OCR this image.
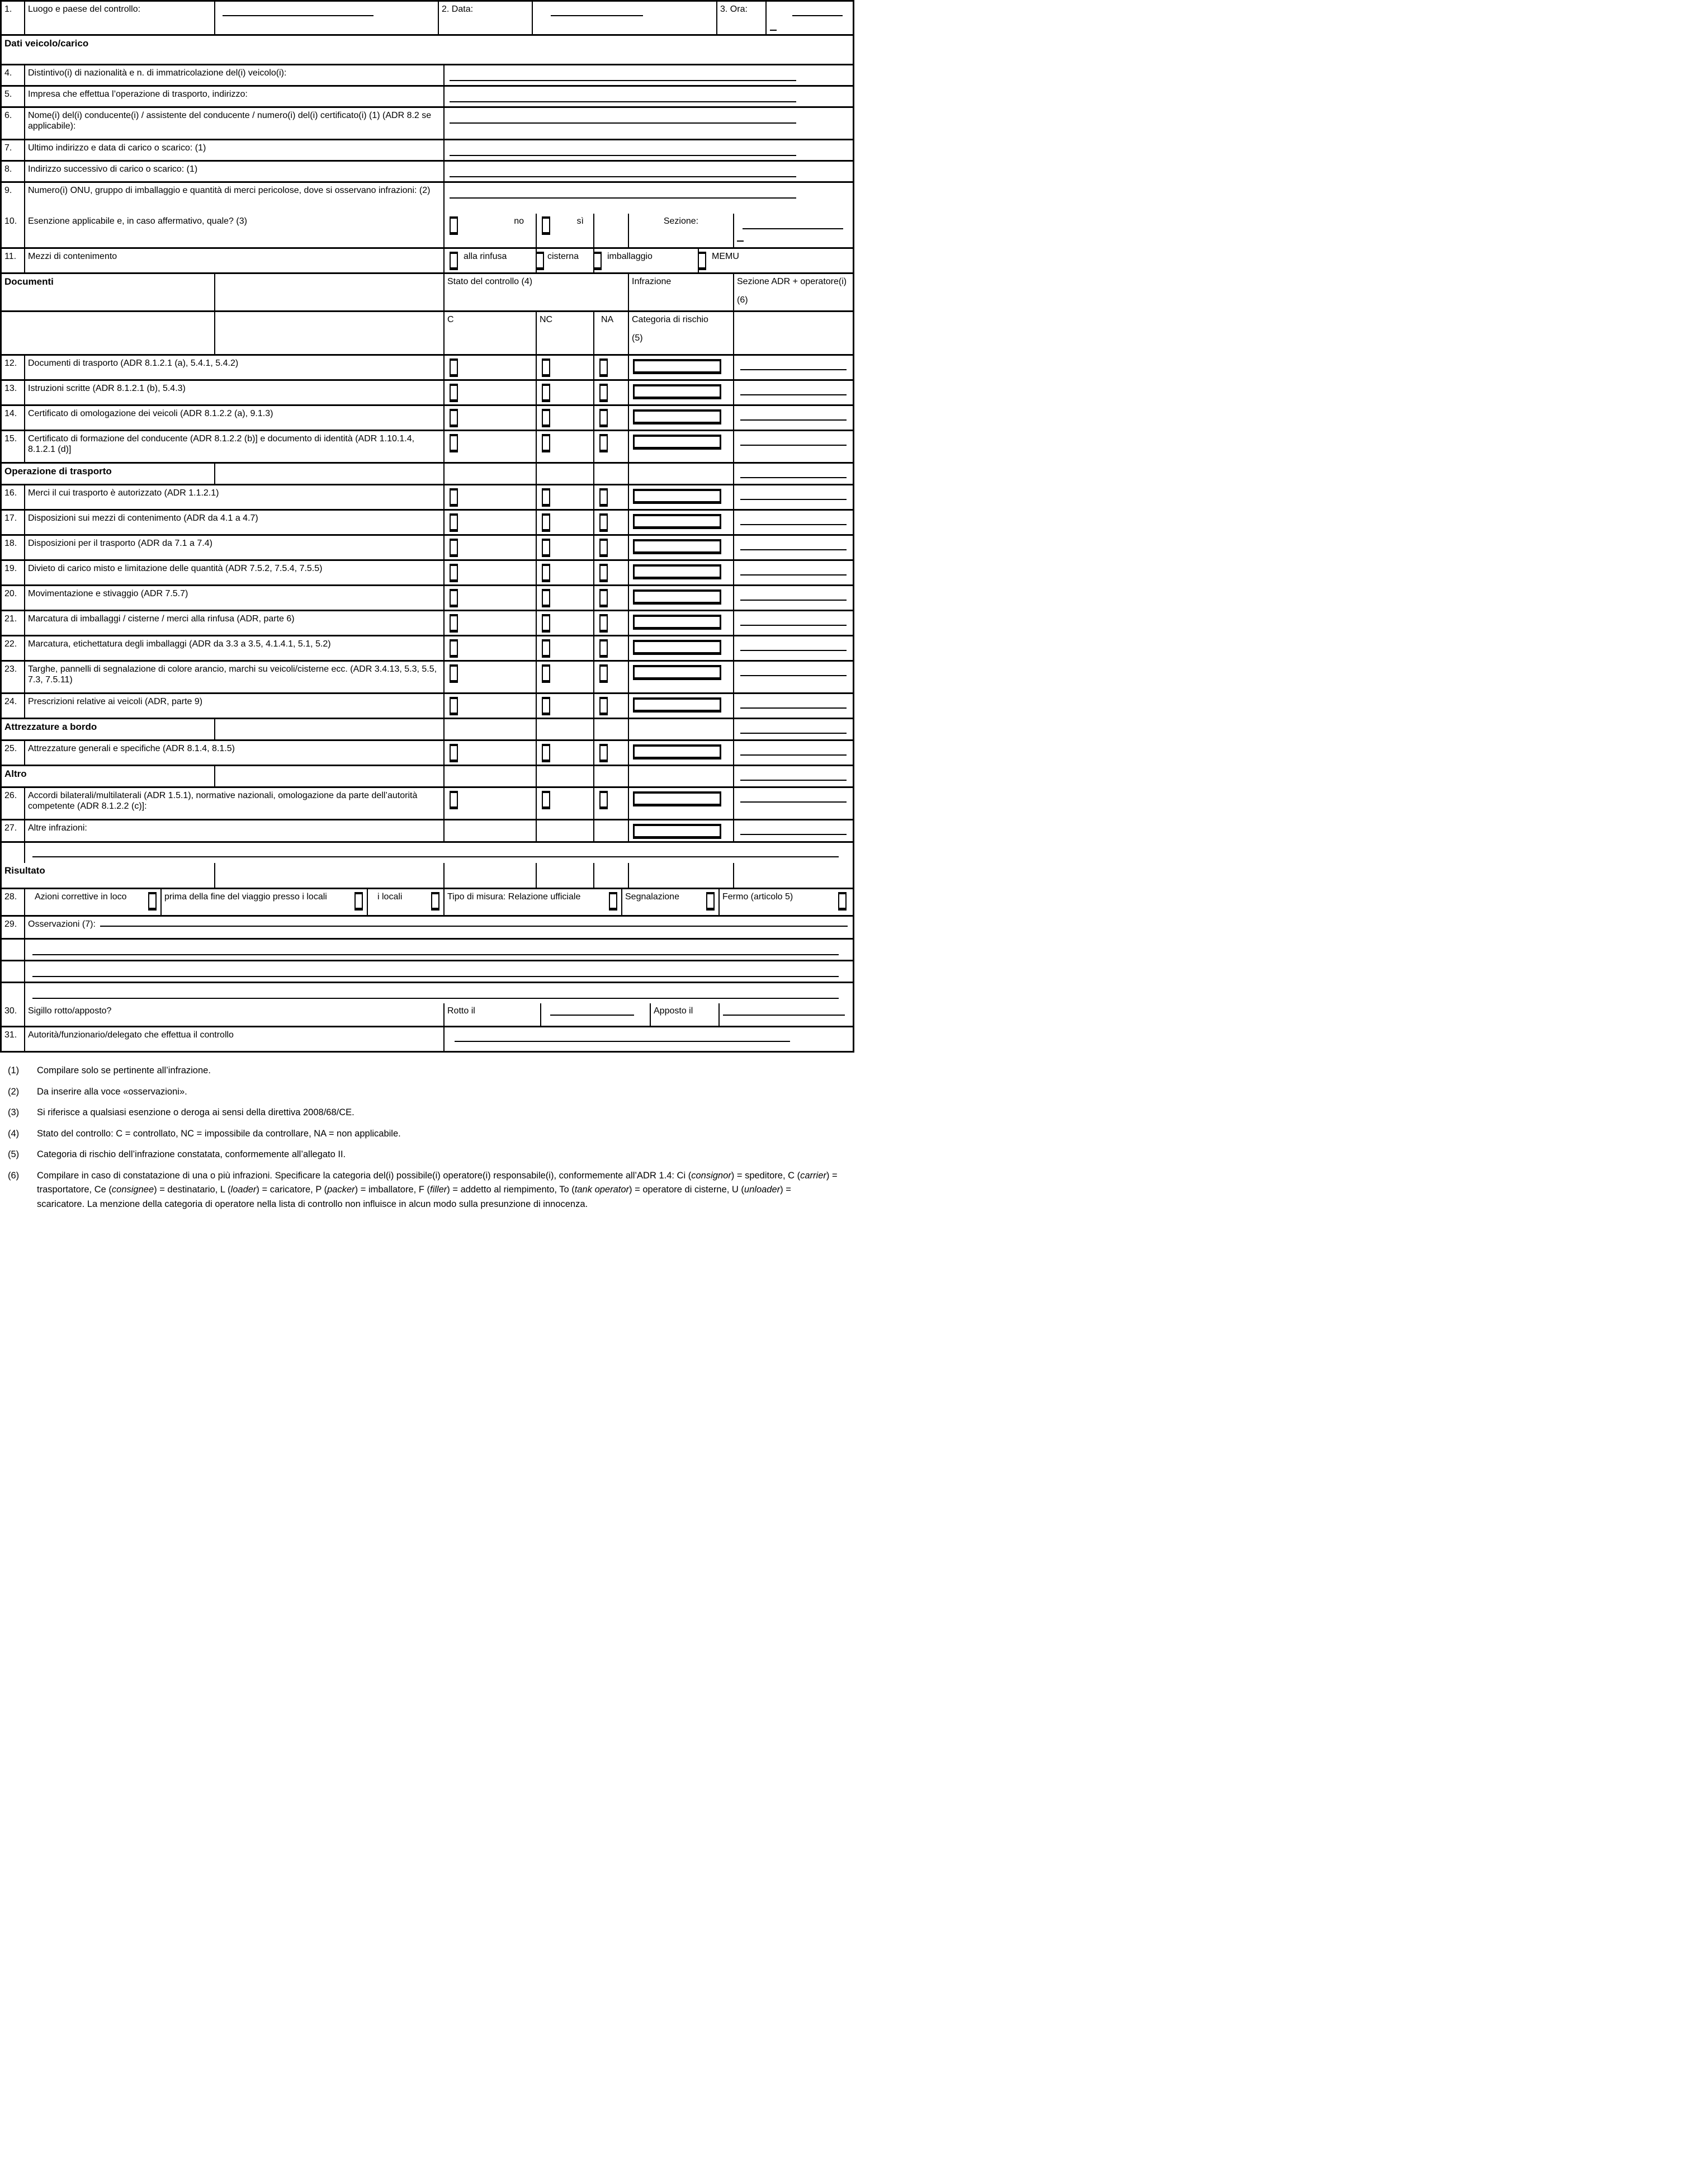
1.	Luogo e paese del controllo:	2. Data:	3. Ora:
Dati veicolo/carico
4.	Distintivo(i) di nazionalità e n. di immatricolazione del(i) veicolo(i):
5.	Impresa che effettua l’operazione di trasporto, indirizzo:
6.	Nome(i) del(i) conducente(i) / assistente del conducente / numero(i) del(i) certificato(i) (1) (ADR 8.2 se applicabile):
7.	Ultimo indirizzo e data di carico o scarico: (1)
8.	Indirizzo successivo di carico o scarico: (1)
9.	Numero(i) ONU, gruppo di imballaggio e quantità di merci pericolose, dove si osservano infrazioni: (2)
10.	Esenzione applicabile e, in caso affermativo, quale? (3)	no	sì	Sezione:
11.	Mezzi di contenimento	alla rinfusa	cisterna	imballaggio	MEMU
Documenti	Stato del controllo (4)	Infrazione	Sezione ADR + operatore(i)
(6)
C	NC	NA	Categoria di rischio
(5)
12.	Documenti di trasporto (ADR 8.1.2.1 (a), 5.4.1, 5.4.2)
13.	Istruzioni scritte (ADR 8.1.2.1 (b), 5.4.3)
14.	Certificato di omologazione dei veicoli (ADR 8.1.2.2 (a), 9.1.3)
15.	Certificato di formazione del conducente (ADR 8.1.2.2 (b)] e documento di identità (ADR 1.10.1.4, 8.1.2.1 (d)]
Operazione di trasporto
16.	Merci il cui trasporto è autorizzato (ADR 1.1.2.1)
17.	Disposizioni sui mezzi di contenimento (ADR da 4.1 a 4.7)
18.	Disposizioni per il trasporto (ADR da 7.1 a 7.4)
19.	Divieto di carico misto e limitazione delle quantità (ADR 7.5.2, 7.5.4, 7.5.5)
20.	Movimentazione e stivaggio (ADR 7.5.7)
21.	Marcatura di imballaggi / cisterne / merci alla rinfusa (ADR, parte 6)
22.	Marcatura, etichettatura degli imballaggi (ADR da 3.3 a 3.5, 4.1.4.1, 5.1, 5.2)
23.	Targhe, pannelli di segnalazione di colore arancio, marchi su veicoli/cisterne ecc. (ADR 3.4.13, 5.3, 5.5, 7.3, 7.5.11)
24.	Prescrizioni relative ai veicoli (ADR, parte 9)
Attrezzature a bordo
25.	Attrezzature generali e specifiche (ADR 8.1.4, 8.1.5)
Altro
26.	Accordi bilaterali/multilaterali (ADR 1.5.1), normative nazionali, omologazione da parte dell’autorità competente (ADR 8.1.2.2 (c)]:
27.	Altre infrazioni:
Risultato
28.	Azioni correttive in loco	prima della fine del viaggio presso i locali	i locali	Tipo di misura: Relazione ufficiale	Segnalazione	Fermo (articolo 5)
29.	Osservazioni (7):
30.	Sigillo rotto/apposto?	Rotto il	Apposto il
31.	Autorità/funzionario/delegato che effettua il controllo
(1)	Compilare solo se pertinente all’infrazione.
(2)	Da inserire alla voce «osservazioni».
(3)	Si riferisce a qualsiasi esenzione o deroga ai sensi della direttiva 2008/68/CE.
(4)	Stato del controllo: C = controllato, NC = impossibile da controllare, NA = non applicabile.
(5)	Categoria di rischio dell’infrazione constatata, conformemente all’allegato II.
(6)	Compilare in caso di constatazione di una o più infrazioni. Specificare la categoria del(i) possibile(i) operatore(i) responsabile(i), conformemente all’ADR 1.4: Ci (consignor) = speditore, C (carrier) = trasportatore, Ce (consignee) = destinatario, L (loader) = caricatore, P (packer) = imballatore, F (filler) = addetto al riempimento, To (tank operator) = operatore di cisterne, U (unloader) = scaricatore. La menzione della categoria di operatore nella lista di controllo non influisce in alcun modo sulla presunzione di innocenza.
